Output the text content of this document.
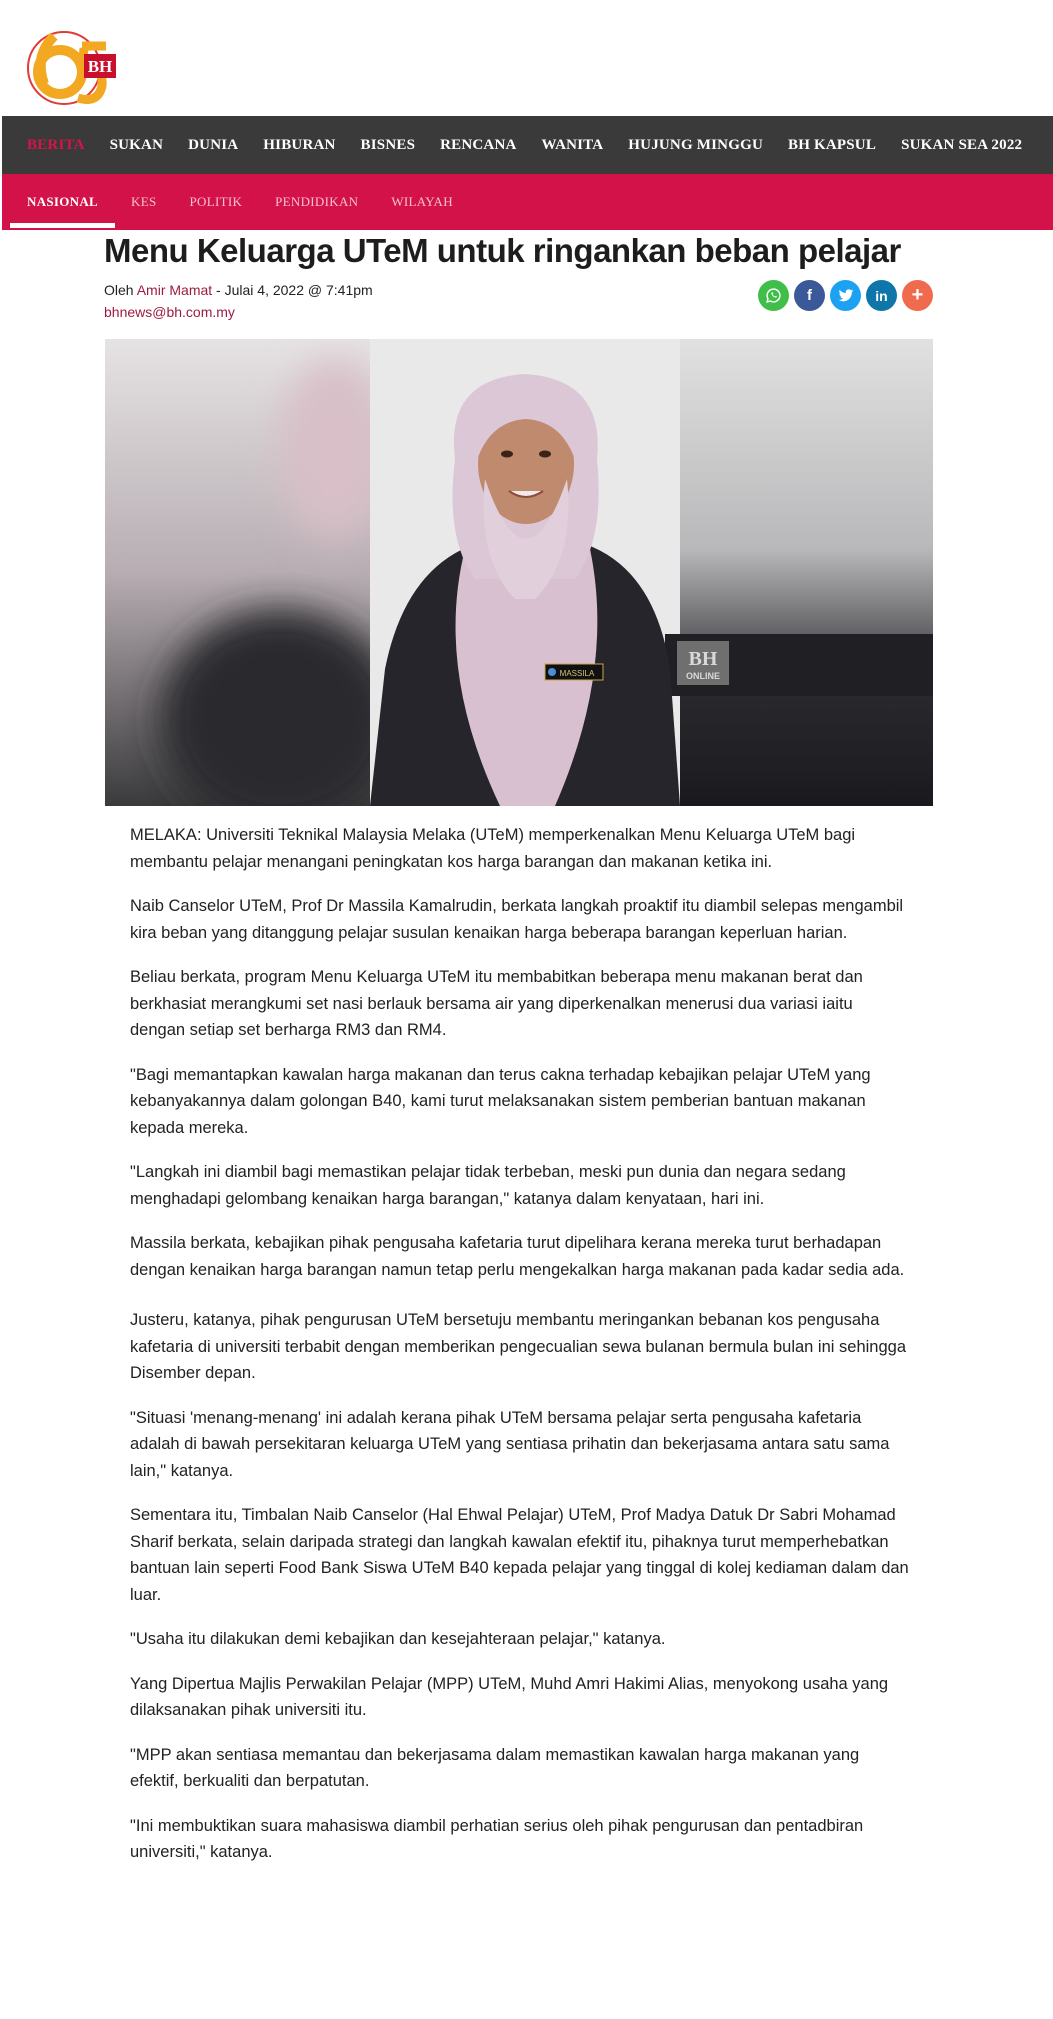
BH
BERITA SUKAN DUNIA HIBURAN BISNES RENCANA WANITA HUJUNG MINGGU BH KAPSUL SUKAN SEA 2022
NASIONAL	KES	POLITIK	PENDIDIKAN	WILAYAH
Menu Keluarga UTeM untuk ringankan beban pelajar
Oleh Amir Mamat - Julai 4, 2022 @ 7:41pm
bhnews@bh.com.my
f	in	+
MASSILA
BH
ONLINE

MELAKA: Universiti Teknikal Malaysia Melaka (UTeM) memperkenalkan Menu Keluarga UTeM bagi membantu pelajar menangani peningkatan kos harga barangan dan makanan ketika ini.

Naib Canselor UTeM, Prof Dr Massila Kamalrudin, berkata langkah proaktif itu diambil selepas mengambil kira beban yang ditanggung pelajar susulan kenaikan harga beberapa barangan keperluan harian.

Beliau berkata, program Menu Keluarga UTeM itu membabitkan beberapa menu makanan berat dan berkhasiat merangkumi set nasi berlauk bersama air yang diperkenalkan menerusi dua variasi iaitu dengan setiap set berharga RM3 dan RM4.

"Bagi memantapkan kawalan harga makanan dan terus cakna terhadap kebajikan pelajar UTeM yang kebanyakannya dalam golongan B40, kami turut melaksanakan sistem pemberian bantuan makanan kepada mereka.

"Langkah ini diambil bagi memastikan pelajar tidak terbeban, meski pun dunia dan negara sedang menghadapi gelombang kenaikan harga barangan," katanya dalam kenyataan, hari ini.

Massila berkata, kebajikan pihak pengusaha kafetaria turut dipelihara kerana mereka turut berhadapan dengan kenaikan harga barangan namun tetap perlu mengekalkan harga makanan pada kadar sedia ada.

Justeru, katanya, pihak pengurusan UTeM bersetuju membantu meringankan bebanan kos pengusaha kafetaria di universiti terbabit dengan memberikan pengecualian sewa bulanan bermula bulan ini sehingga Disember depan.

"Situasi 'menang-menang' ini adalah kerana pihak UTeM bersama pelajar serta pengusaha kafetaria adalah di bawah persekitaran keluarga UTeM yang sentiasa prihatin dan bekerjasama antara satu sama lain," katanya.

Sementara itu, Timbalan Naib Canselor (Hal Ehwal Pelajar) UTeM, Prof Madya Datuk Dr Sabri Mohamad Sharif berkata, selain daripada strategi dan langkah kawalan efektif itu, pihaknya turut memperhebatkan bantuan lain seperti Food Bank Siswa UTeM B40 kepada pelajar yang tinggal di kolej kediaman dalam dan luar.

"Usaha itu dilakukan demi kebajikan dan kesejahteraan pelajar," katanya.

Yang Dipertua Majlis Perwakilan Pelajar (MPP) UTeM, Muhd Amri Hakimi Alias, menyokong usaha yang dilaksanakan pihak universiti itu.

"MPP akan sentiasa memantau dan bekerjasama dalam memastikan kawalan harga makanan yang efektif, berkualiti dan berpatutan.

"Ini membuktikan suara mahasiswa diambil perhatian serius oleh pihak pengurusan dan pentadbiran universiti," katanya.
